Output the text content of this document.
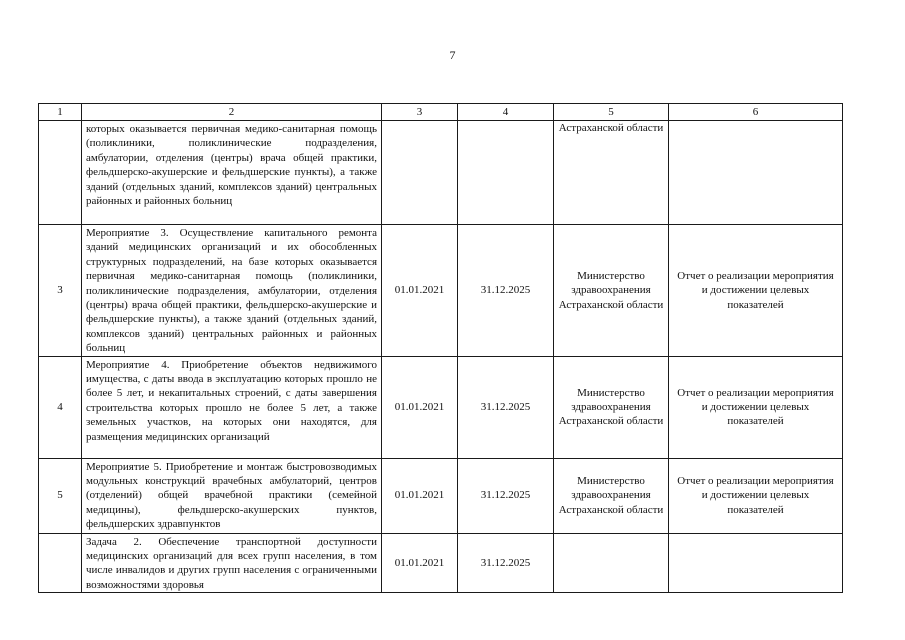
7
1	2	3	4	5	6
	которых оказывается первичная медико-санитарная помощь (поликлиники, поликлинические подразделения, амбулатории, отделения (центры) врача общей практики, фельдшерско-акушерские и фельдшерские пункты), а также зданий (отдельных зданий, комплексов зданий) центральных районных и районных больниц			Астраханской области	
3	Мероприятие 3. Осуществление капитального ремонта зданий медицинских организаций и их обособленных структурных подразделений, на базе которых оказывается первичная медико-санитарная помощь (поликлиники, поликлинические подразделения, амбулатории, отделения (центры) врача общей практики, фельдшерско-акушерские и фельдшерские пункты), а также зданий (отдельных зданий, комплексов зданий) центральных районных и районных больниц	01.01.2021	31.12.2025	Министерство здравоохранения Астраханской области	Отчет о реализации мероприятия и достижении целевых показателей
4	Мероприятие 4. Приобретение объектов недвижимого имущества, с даты ввода в эксплуатацию которых прошло не более 5 лет, и некапитальных строений, с даты завершения строительства которых прошло не более 5 лет, а также земельных участков, на которых они находятся, для размещения медицинских организаций	01.01.2021	31.12.2025	Министерство здравоохранения Астраханской области	Отчет о реализации мероприятия и достижении целевых показателей
5	Мероприятие 5. Приобретение и монтаж быстровозводимых модульных конструкций врачебных амбулаторий, центров (отделений) общей врачебной практики (семейной медицины), фельдшерско-акушерских пунктов, фельдшерских здравпунктов	01.01.2021	31.12.2025	Министерство здравоохранения Астраханской области	Отчет о реализации мероприятия и достижении целевых показателей
	Задача 2. Обеспечение транспортной доступности медицинских организаций для всех групп населения, в том числе инвалидов и других групп населения с ограниченными возможностями здоровья	01.01.2021	31.12.2025		
